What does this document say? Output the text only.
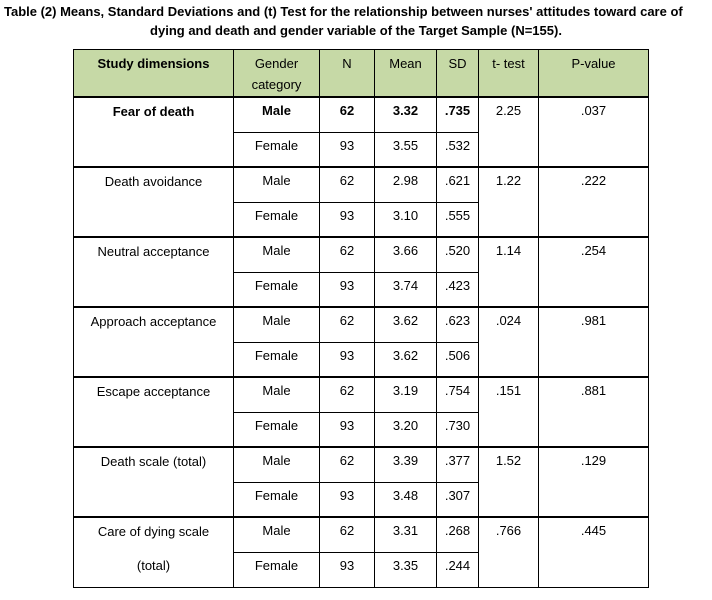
Table (2) Means, Standard Deviations and (t) Test for the relationship between nurses' attitudes toward care of
dying and death and gender variable of the Target Sample (N=155).
Study dimensions	Gender category	N	Mean	SD	t- test	P-value
Fear of death	Male	62	3.32	.735	2.25	.037
	Female	93	3.55	.532		
Death avoidance	Male	62	2.98	.621	1.22	.222
	Female	93	3.10	.555		
Neutral acceptance	Male	62	3.66	.520	1.14	.254
	Female	93	3.74	.423		
Approach acceptance	Male	62	3.62	.623	.024	.981
	Female	93	3.62	.506		
Escape acceptance	Male	62	3.19	.754	.151	.881
	Female	93	3.20	.730		
Death scale (total)	Male	62	3.39	.377	1.52	.129
	Female	93	3.48	.307		
Care of dying scale

(total)	Male	62	3.31	.268	.766	.445
	Female	93	3.35	.244		
